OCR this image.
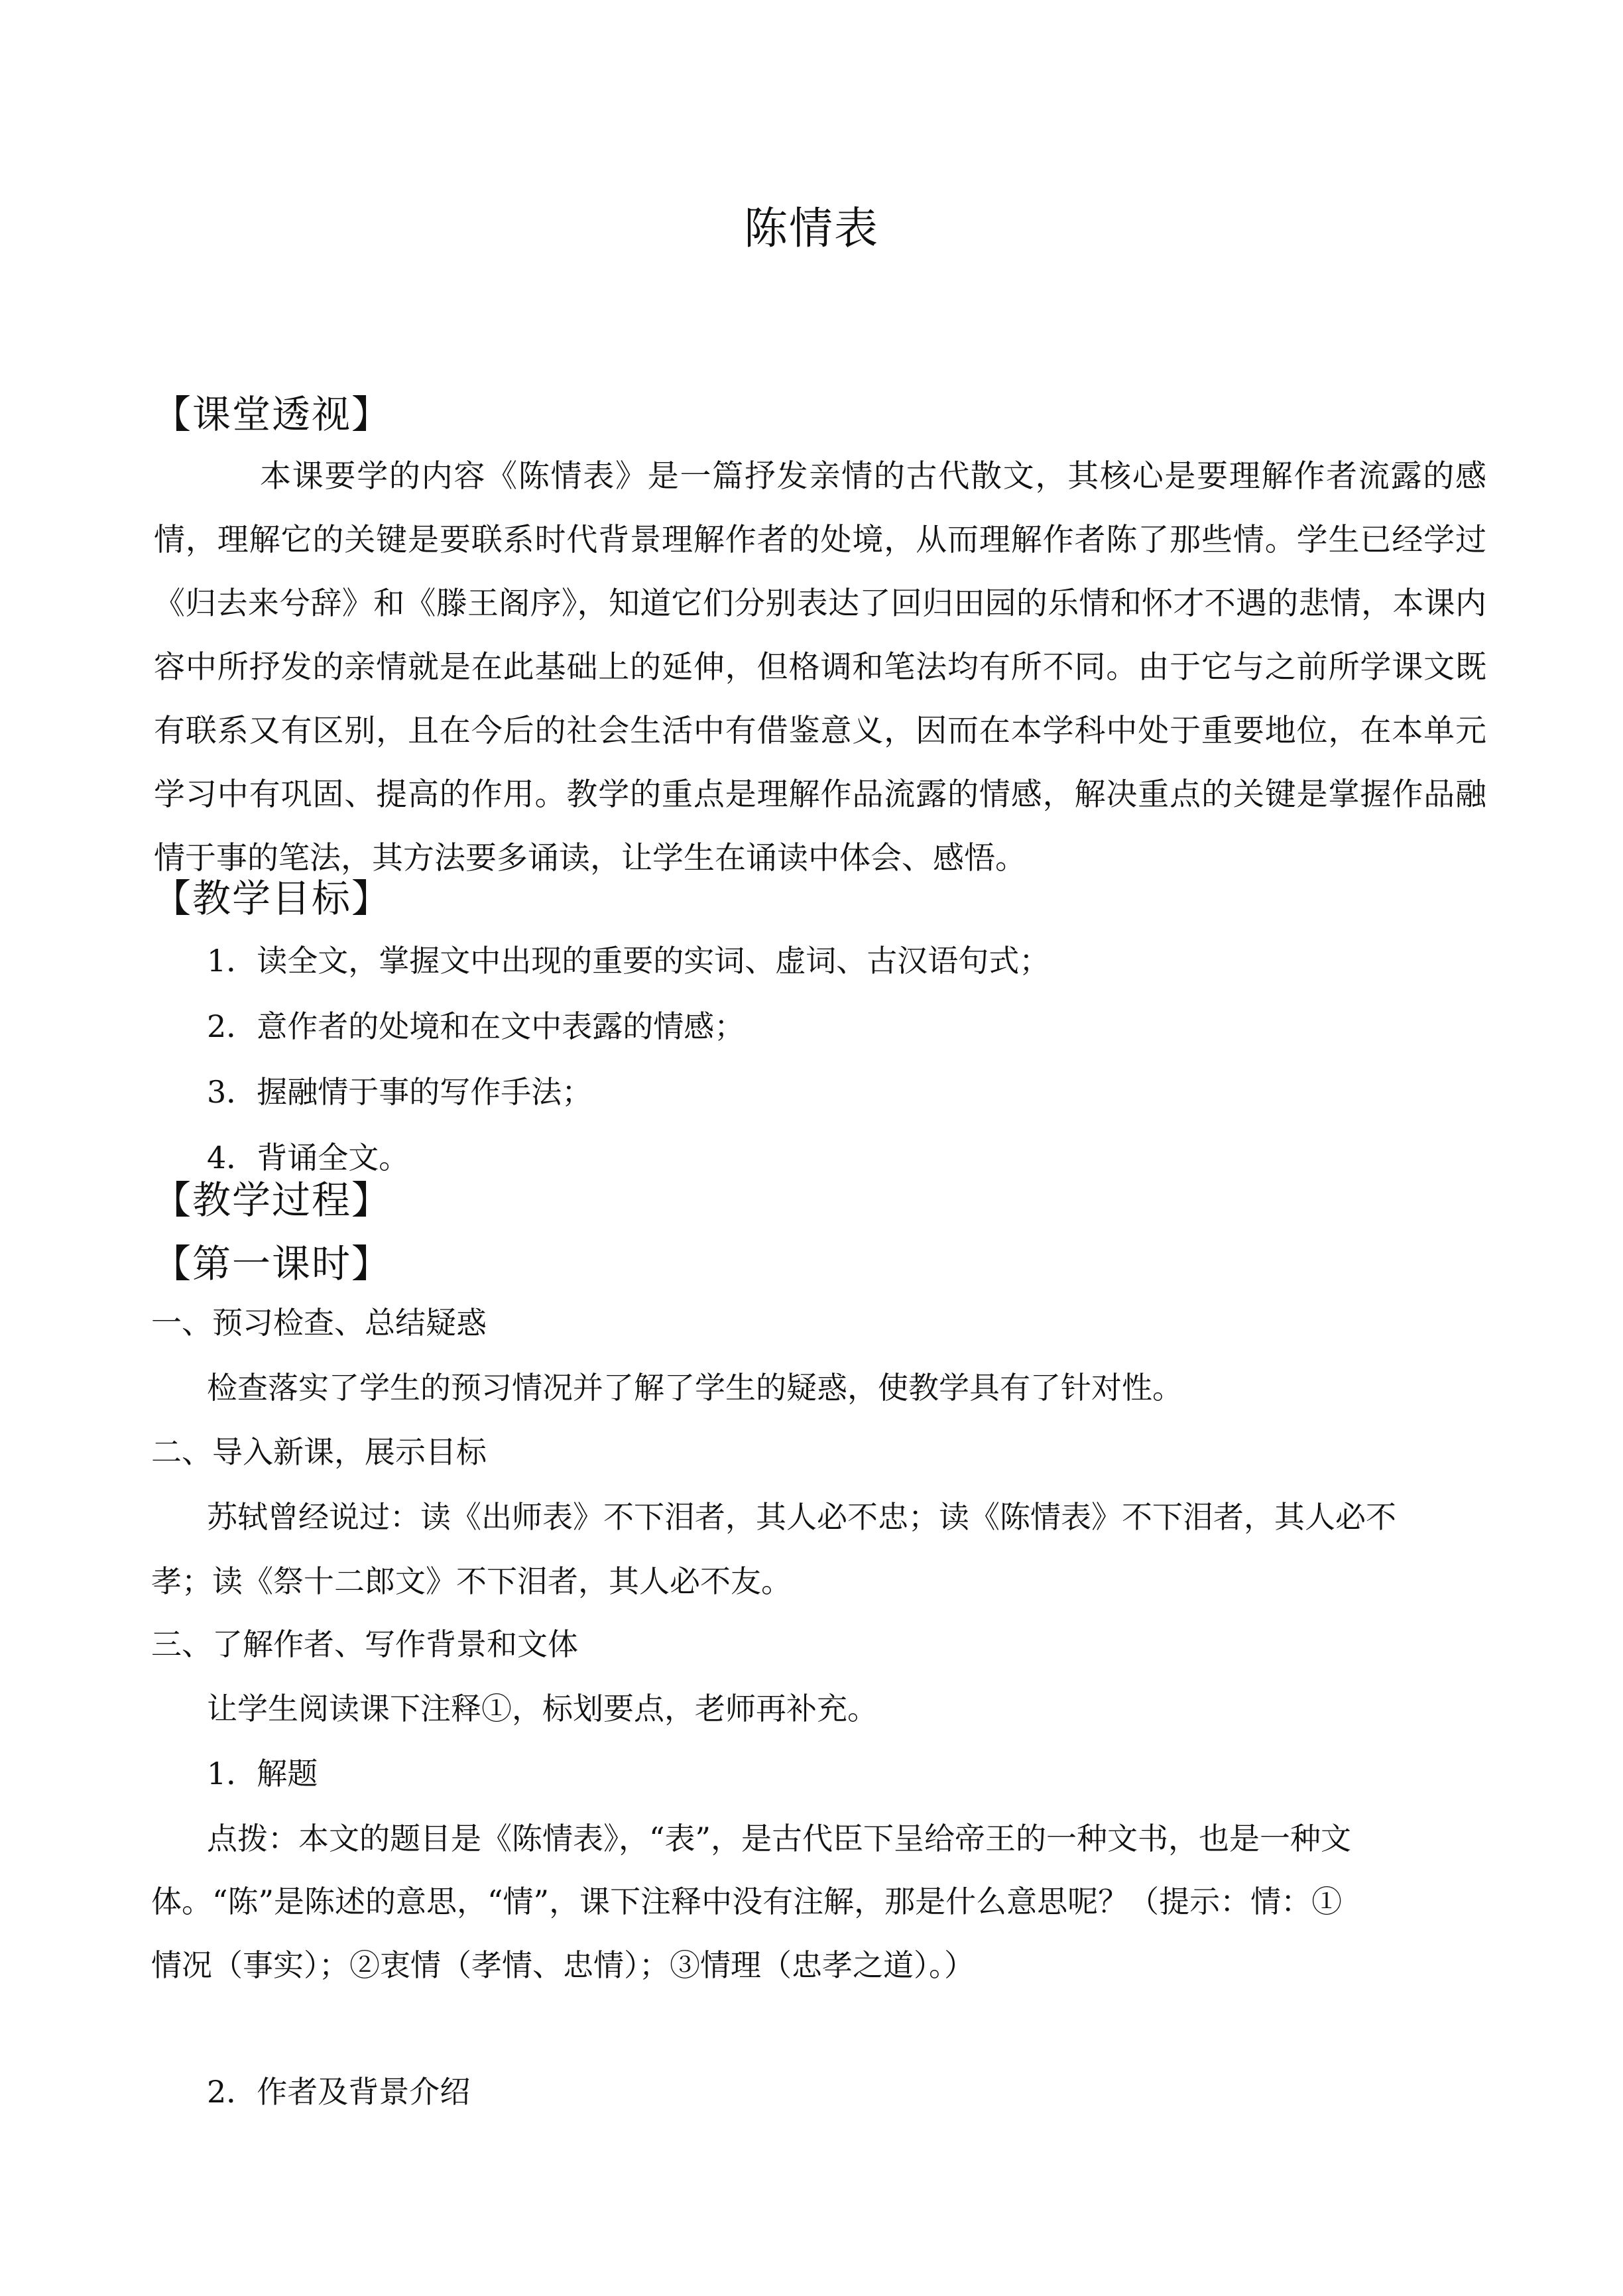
陈情表
【课堂透视】
本课要学的内容《陈情表》是一篇抒发亲情的古代散文，其核心是要理解作者流露的感情，理解它的关键是要联系时代背景理解作者的处境，从而理解作者陈了那些情。学生已经学过《归去来兮辞》和《滕王阁序》，知道它们分别表达了回归田园的乐情和怀才不遇的悲情，本课内容中所抒发的亲情就是在此基础上的延伸，但格调和笔法均有所不同。由于它与之前所学课文既有联系又有区别，且在今后的社会生活中有借鉴意义，因而在本学科中处于重要地位，在本单元学习中有巩固、提高的作用。教学的重点是理解作品流露的情感，解决重点的关键是掌握作品融情于事的笔法，其方法要多诵读，让学生在诵读中体会、感悟。
【教学目标】
1．读全文，掌握文中出现的重要的实词、虚词、古汉语句式；
2．意作者的处境和在文中表露的情感；
3．握融情于事的写作手法；
4．背诵全文。
【教学过程】
【第一课时】
一、预习检查、总结疑惑
检查落实了学生的预习情况并了解了学生的疑惑，使教学具有了针对性。
二、导入新课，展示目标
苏轼曾经说过：读《出师表》不下泪者，其人必不忠；读《陈情表》不下泪者，其人必不
孝；读《祭十二郎文》不下泪者，其人必不友。
三、了解作者、写作背景和文体
让学生阅读课下注释①，标划要点，老师再补充。
1．解题
点拨：本文的题目是《陈情表》，“表”，是古代臣下呈给帝王的一种文书，也是一种文
体。“陈”是陈述的意思，“情”，课下注释中没有注解，那是什么意思呢？（提示：情：①
情况（事实）；②衷情（孝情、忠情）；③情理（忠孝之道）。）
2．作者及背景介绍
